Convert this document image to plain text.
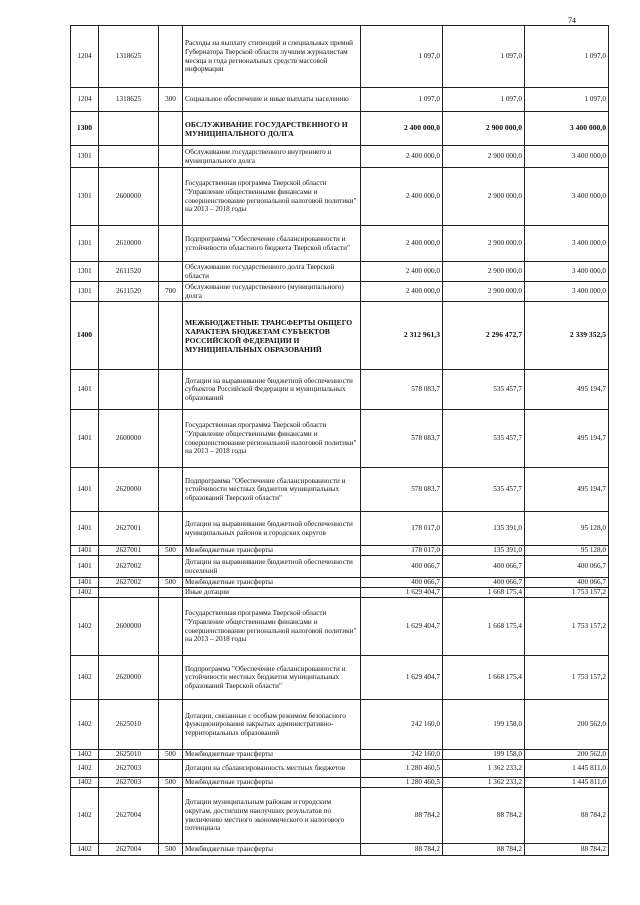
74
1204	1318625		Расходы на выплату стипендий и специальных премий Губернатора Тверской области лучшим журналистам месяца и года региональных средств массовой информации	1 097,0	1 097,0	1 097,0
1204	1318625	300	Социальное обеспечение и иные выплаты населению	1 097,0	1 097,0	1 097,0
1300			ОБСЛУЖИВАНИЕ ГОСУДАРСТВЕННОГО И МУНИЦИПАЛЬНОГО ДОЛГА	2 400 000,0	2 900 000,0	3 400 000,0
1301			Обслуживание государственного внутреннего и муниципального долга	2 400 000,0	2 900 000,0	3 400 000,0
1301	2600000		Государственная программа Тверской области "Управление общественными финансами и совершенствование региональной налоговой политики" на 2013 – 2018 годы	2 400 000,0	2 900 000,0	3 400 000,0
1301	2610000		Подпрограмма "Обеспечение сбалансированности и устойчивости областного бюджета Тверской области"	2 400 000,0	2 900 000,0	3 400 000,0
1301	2611520		Обслуживание государственного долга Тверской области	2 400 000,0	2 900 000,0	3 400 000,0
1301	2611520	700	Обслуживание государственного (муниципального) долга	2 400 000,0	2 900 000,0	3 400 000,0
1400			МЕЖБЮДЖЕТНЫЕ ТРАНСФЕРТЫ ОБЩЕГО ХАРАКТЕРА БЮДЖЕТАМ СУБЪЕКТОВ РОССИЙСКОЙ ФЕДЕРАЦИИ И МУНИЦИПАЛЬНЫХ ОБРАЗОВАНИЙ	2 312 961,3	2 296 472,7	2 339 352,5
1401			Дотации на выравнивание бюджетной обеспеченности субъектов Российской Федерации и муниципальных образований	578 083,7	535 457,7	495 194,7
1401	2600000		Государственная программа Тверской области "Управление общественными финансами и совершенствование региональной налоговой политики" на 2013 – 2018 годы	578 083,7	535 457,7	495 194,7
1401	2620000		Подпрограмма "Обеспечение сбалансированности и устойчивости местных бюджетов муниципальных образований Тверской области"	578 083,7	535 457,7	495 194,7
1401	2627001		Дотации на выравнивание бюджетной обеспеченности муниципальных районов и городских округов	178 017,0	135 391,0	95 128,0
1401	2627001	500	Межбюджетные трансферты	178 017,0	135 391,0	95 128,0
1401	2627002		Дотации на выравнивание бюджетной обеспеченности поселений	400 066,7	400 066,7	400 066,7
1401	2627002	500	Межбюджетные трансферты	400 066,7	400 066,7	400 066,7
1402			Иные дотации	1 629 404,7	1 668 175,4	1 753 157,2
1402	2600000		Государственная программа Тверской области "Управление общественными финансами и совершенствование региональной налоговой политики" на 2013 – 2018 годы	1 629 404,7	1 668 175,4	1 753 157,2
1402	2620000		Подпрограмма "Обеспечение сбалансированности и устойчивости местных бюджетов муниципальных образований Тверской области"	1 629 404,7	1 668 175,4	1 753 157,2
1402	2625010		Дотации, связанные с особым режимом безопасного функционирования закрытых административно-территориальных образований	242 160,0	199 158,0	200 562,0
1402	2625010	500	Межбюджетные трансферты	242 160,0	199 158,0	200 562,0
1402	2627003		Дотации на сбалансированность местных бюджетов	1 280 460,5	1 362 233,2	1 445 811,0
1402	2627003	500	Межбюджетные трансферты	1 280 460,5	1 362 233,2	1 445 811,0
1402	2627004		Дотации муниципальным районам и городским округам, достигшим наилучших результатов по увеличению местного экономического и налогового потенциала	88 784,2	88 784,2	88 784,2
1402	2627004	500	Межбюджетные трансферты	88 784,2	88 784,2	88 784,2
